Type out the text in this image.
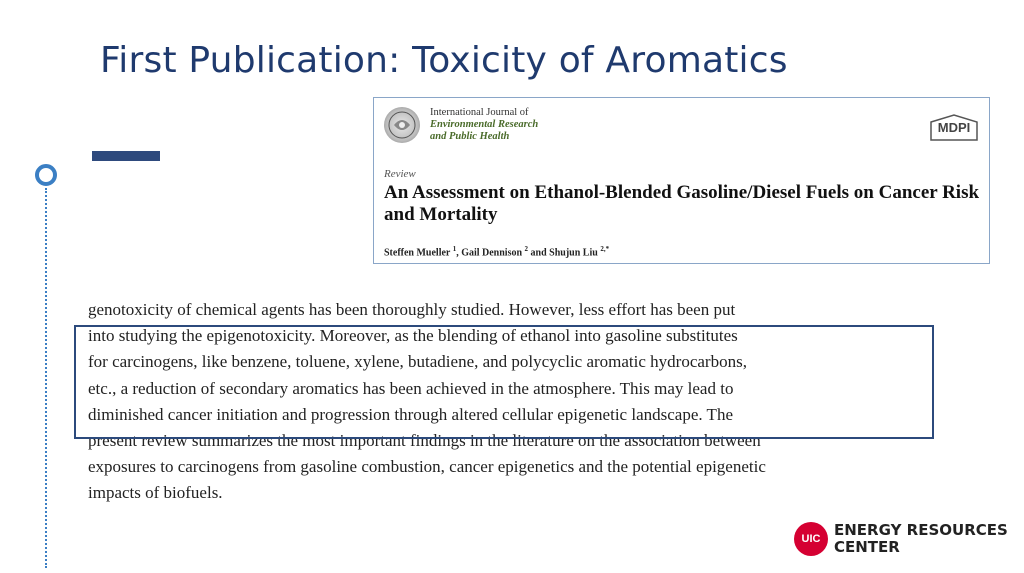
First Publication: Toxicity of Aromatics
International Journal of
Environmental Research
and Public Health
MDPI
Review
An Assessment on Ethanol-Blended Gasoline/Diesel Fuels on Cancer Risk and Mortality
Steffen Mueller $^1$, Gail Dennison $^2$ and Shujun Liu $^{2,*}$
genotoxicity of chemical agents has been thoroughly studied. However, less effort has been put
into studying the epigenotoxicity. Moreover, as the blending of ethanol into gasoline substitutes
for carcinogens, like benzene, toluene, xylene, butadiene, and polycyclic aromatic hydrocarbons,
etc., a reduction of secondary aromatics has been achieved in the atmosphere. This may lead to
diminished cancer initiation and progression through altered cellular epigenetic landscape. The
present review summarizes the most important findings in the literature on the association between
exposures to carcinogens from gasoline combustion, cancer epigenetics and the potential epigenetic
impacts of biofuels.
UIC ENERGY RESOURCES
CENTER
